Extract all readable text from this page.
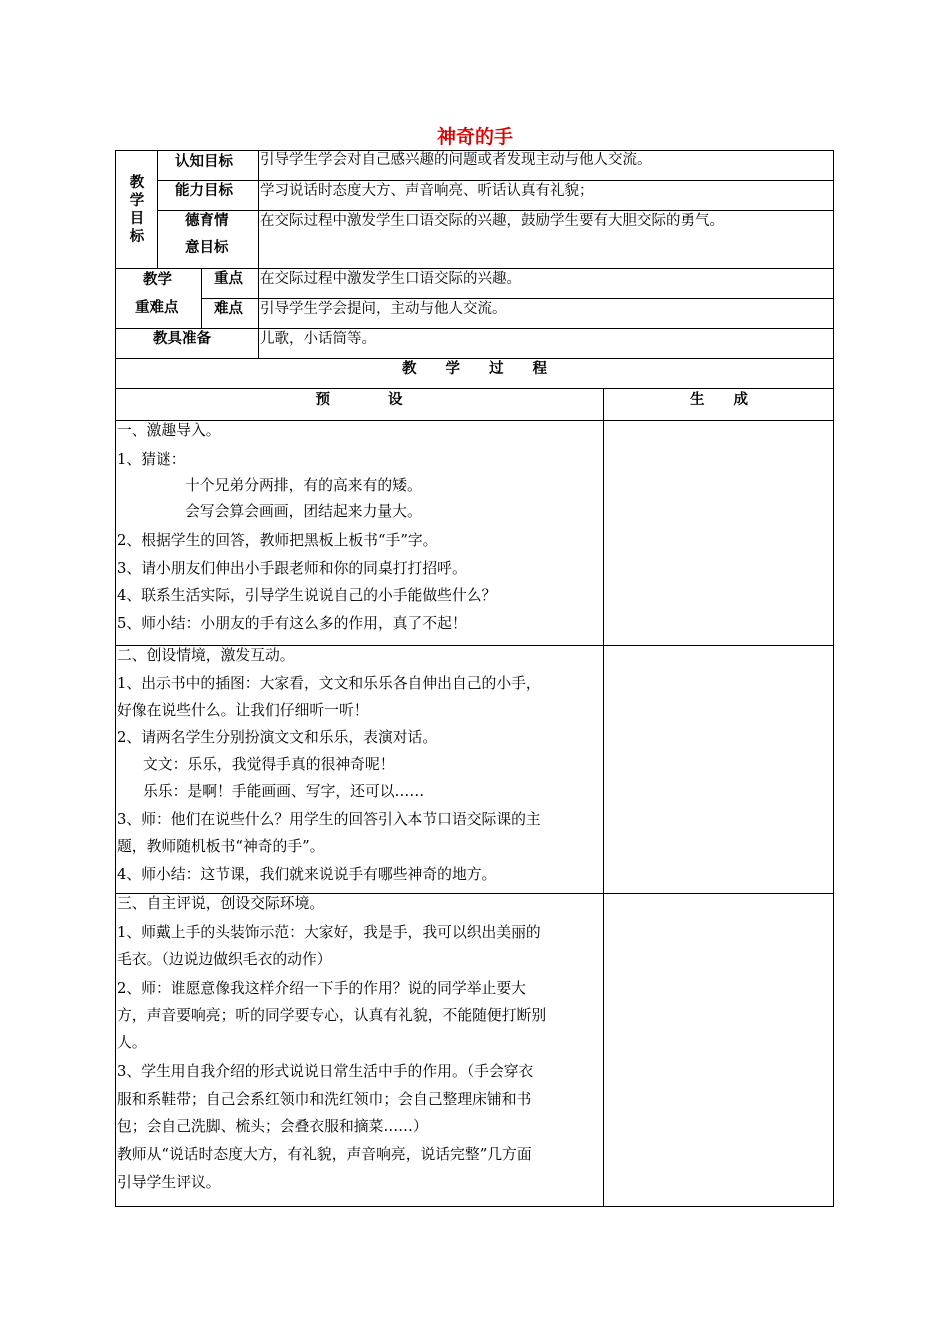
神奇的手
教
学
目
标
认知目标 引导学生学会对自己感兴趣的问题或者发现主动与他人交流。
能力目标 学习说话时态度大方、声音响亮、听话认真有礼貌；
德育情
意目标
在交际过程中激发学生口语交际的兴趣，鼓励学生要有大胆交际的勇气。
教学
重难点
重点 在交际过程中激发学生口语交际的兴趣。
难点 引导学生学会提问，主动与他人交流。
教具准备	儿歌，小话筒等。
教　　学　　过　　程
预　　　　设	生　　成
一、激趣导入。
1、猜谜：
十个兄弟分两排，有的高来有的矮。
会写会算会画画，团结起来力量大。
2、根据学生的回答，教师把黑板上板书“手”字。
3、请小朋友们伸出小手跟老师和你的同桌打打招呼。
4、联系生活实际，引导学生说说自己的小手能做些什么？
5、师小结：小朋友的手有这么多的作用，真了不起！
二、创设情境，激发互动。
1、出示书中的插图：大家看，文文和乐乐各自伸出自己的小手，
好像在说些什么。让我们仔细听一听！
2、请两名学生分别扮演文文和乐乐，表演对话。
文文：乐乐，我觉得手真的很神奇呢！
乐乐：是啊！手能画画、写字，还可以……
3、师：他们在说些什么？用学生的回答引入本节口语交际课的主
题，教师随机板书“神奇的手”。
4、师小结：这节课，我们就来说说手有哪些神奇的地方。
三、自主评说，创设交际环境。
1、师戴上手的头装饰示范：大家好，我是手，我可以织出美丽的
毛衣。（边说边做织毛衣的动作）
2、师：谁愿意像我这样介绍一下手的作用？说的同学举止要大
方，声音要响亮；听的同学要专心，认真有礼貌，不能随便打断别
人。
3、学生用自我介绍的形式说说日常生活中手的作用。（手会穿衣
服和系鞋带；自己会系红领巾和洗红领巾；会自己整理床铺和书
包；会自己洗脚、梳头；会叠衣服和摘菜……）
教师从“说话时态度大方，有礼貌，声音响亮，说话完整”几方面
引导学生评议。
